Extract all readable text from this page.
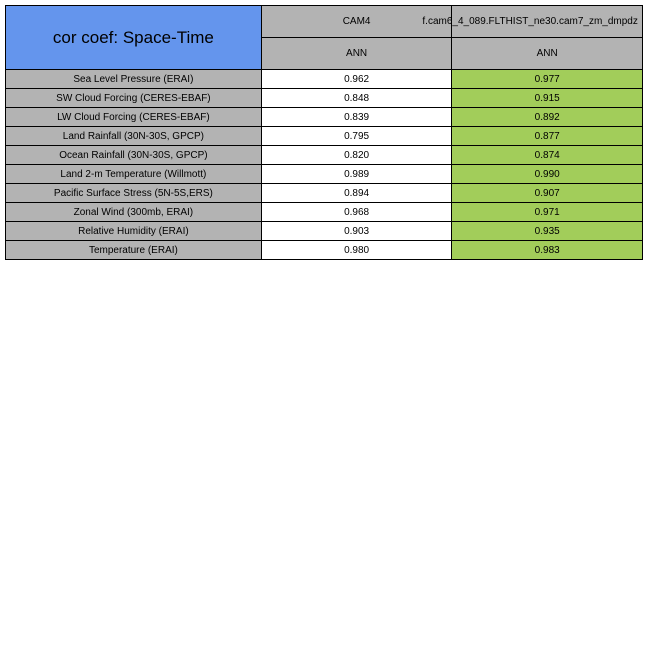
cor coef: Space-Time	CAM4	f.cam6_4_089.FLTHIST_ne30.cam7_zm_dmpdz

	ANN	ANN
Sea Level Pressure (ERAI)	0.962	0.977
SW Cloud Forcing (CERES-EBAF)	0.848	0.915
LW Cloud Forcing (CERES-EBAF)	0.839	0.892
Land Rainfall (30N-30S, GPCP)	0.795	0.877
Ocean Rainfall (30N-30S, GPCP)	0.820	0.874
Land 2-m Temperature (Willmott)	0.989	0.990
Pacific Surface Stress (5N-5S,ERS)	0.894	0.907
Zonal Wind (300mb, ERAI)	0.968	0.971
Relative Humidity (ERAI)	0.903	0.935
Temperature (ERAI)	0.980	0.983
